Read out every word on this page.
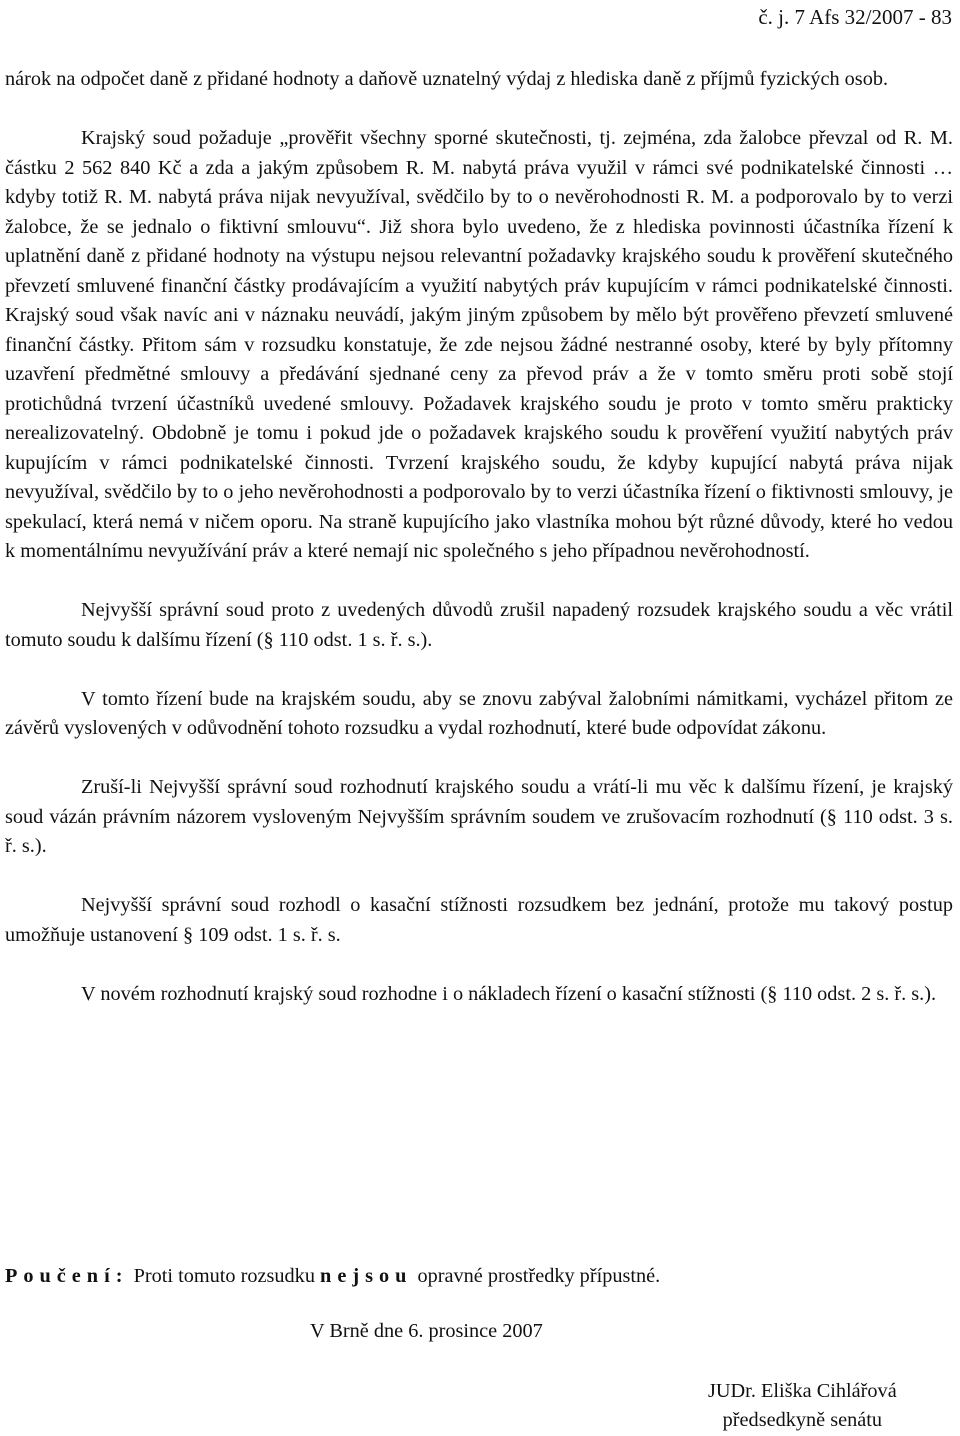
č. j. 7 Afs 32/2007 - 83

nárok na odpočet daně z přidané hodnoty a daňově uznatelný výdaj z hlediska daně z příjmů fyzických osob.

Krajský soud požaduje „prověřit všechny sporné skutečnosti, tj. zejména, zda žalobce převzal od R. M. částku 2 562 840 Kč a zda a jakým způsobem R. M. nabytá práva využil v rámci své podnikatelské činnosti … kdyby totiž R. M. nabytá práva nijak nevyužíval, svědčilo by to o nevěrohodnosti R. M. a podporovalo by to verzi žalobce, že se jednalo o fiktivní smlouvu“. Již shora bylo uvedeno, že z hlediska povinnosti účastníka řízení k uplatnění daně z přidané hodnoty na výstupu nejsou relevantní požadavky krajského soudu k prověření skutečného převzetí smluvené finanční částky prodávajícím a využití nabytých práv kupujícím v rámci podnikatelské činnosti. Krajský soud však navíc ani v náznaku neuvádí, jakým jiným způsobem by mělo být prověřeno převzetí smluvené finanční částky. Přitom sám v rozsudku konstatuje, že zde nejsou žádné nestranné osoby, které by byly přítomny uzavření předmětné smlouvy a předávání sjednané ceny za převod práv a že v tomto směru proti sobě stojí protichůdná tvrzení účastníků uvedené smlouvy. Požadavek krajského soudu je proto v tomto směru prakticky nerealizovatelný. Obdobně je tomu i pokud jde o požadavek krajského soudu k prověření využití nabytých práv kupujícím v rámci podnikatelské činnosti. Tvrzení krajského soudu, že kdyby kupující nabytá práva nijak nevyužíval, svědčilo by to o jeho nevěrohodnosti a podporovalo by to verzi účastníka řízení o fiktivnosti smlouvy, je spekulací, která nemá v ničem oporu. Na straně kupujícího jako vlastníka mohou být různé důvody, které ho vedou k momentálnímu nevyužívání práv a které nemají nic společného s jeho případnou nevěrohodností.

Nejvyšší správní soud proto z uvedených důvodů zrušil napadený rozsudek krajského soudu a věc vrátil tomuto soudu k dalšímu řízení (§ 110 odst. 1 s. ř. s.).

V tomto řízení bude na krajském soudu, aby se znovu zabýval žalobními námitkami, vycházel přitom ze závěrů vyslovených v odůvodnění tohoto rozsudku a vydal rozhodnutí, které bude odpovídat zákonu.

Zruší-li Nejvyšší správní soud rozhodnutí krajského soudu a vrátí-li mu věc k dalšímu řízení, je krajský soud vázán právním názorem vysloveným Nejvyšším správním soudem ve zrušovacím rozhodnutí (§ 110 odst. 3 s. ř. s.).

Nejvyšší správní soud rozhodl o kasační stížnosti rozsudkem bez jednání, protože mu takový postup umožňuje ustanovení § 109 odst. 1 s. ř. s.

V novém rozhodnutí krajský soud rozhodne i o nákladech řízení o kasační stížnosti (§ 110 odst. 2 s. ř. s.).

Poučení: Proti tomuto rozsudku nejsou opravné prostředky přípustné.
V Brně dne 6. prosince 2007
JUDr. Eliška Cihlářová
předsedkyně senátu
